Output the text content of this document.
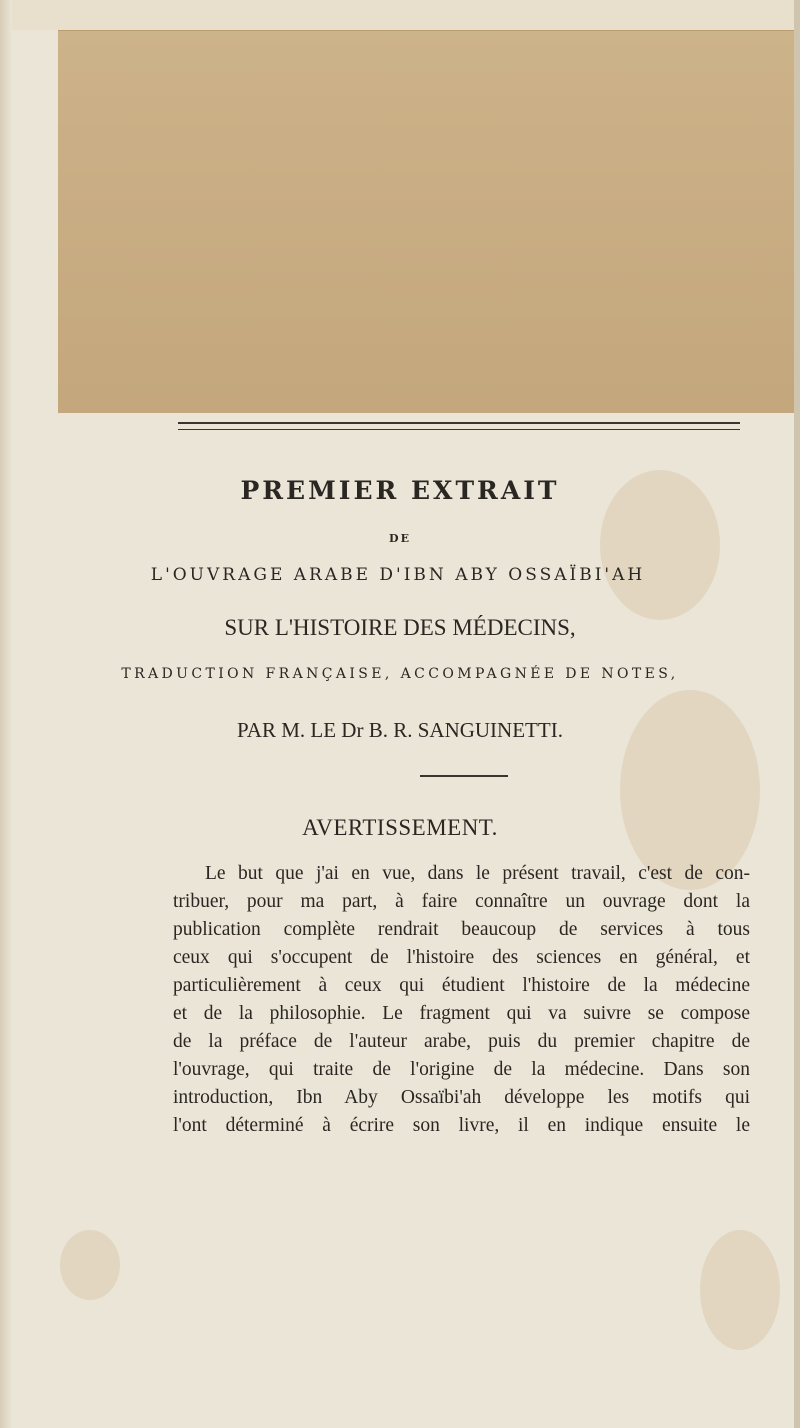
PREMIER EXTRAIT
DE
L'OUVRAGE ARABE D'IBN ABY OSSAÏBI'AH
SUR L'HISTOIRE DES MÉDECINS,
TRADUCTION FRANÇAISE, ACCOMPAGNÉE DE NOTES,
PAR M. LE Dr B. R. SANGUINETTI.
AVERTISSEMENT.

Le but que j'ai en vue, dans le présent travail, c'est de con-

tribuer, pour ma part, à faire connaître un ouvrage dont la

publication complète rendrait beaucoup de services à tous

ceux qui s'occupent de l'histoire des sciences en général, et

particulièrement à ceux qui étudient l'histoire de la médecine

et de la philosophie. Le fragment qui va suivre se compose

de la préface de l'auteur arabe, puis du premier chapitre de

l'ouvrage, qui traite de l'origine de la médecine. Dans son

introduction, Ibn Aby Ossaïbi'ah développe les motifs qui

l'ont déterminé à écrire son livre, il en indique ensuite le
